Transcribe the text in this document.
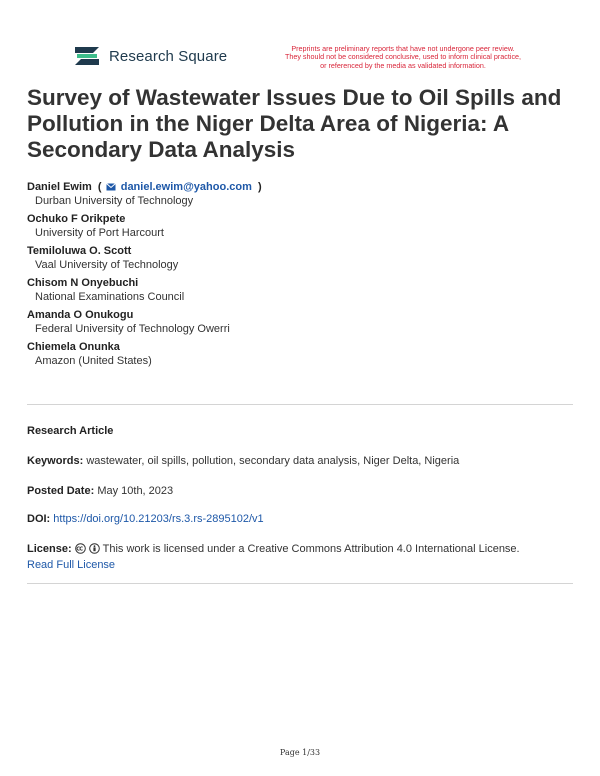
Research Square	Preprints are preliminary reports that have not undergone peer review.
They should not be considered conclusive, used to inform clinical practice,
or referenced by the media as validated information.
Survey of Wastewater Issues Due to Oil Spills and Pollution in the Niger Delta Area of Nigeria: A Secondary Data Analysis
Daniel Ewim  ( daniel.ewim@yahoo.com  )
Durban University of Technology
Ochuko F Orikpete
University of Port Harcourt
Temiloluwa O. Scott
Vaal University of Technology
Chisom N Onyebuchi
National Examinations Council
Amanda O Onukogu
Federal University of Technology Owerri
Chiemela Onunka
Amazon (United States)
Research Article
Keywords: wastewater, oil spills, pollution, secondary data analysis, Niger Delta, Nigeria
Posted Date: May 10th, 2023
DOI: https://doi.org/10.21203/rs.3.rs-2895102/v1
License:	This work is licensed under a Creative Commons Attribution 4.0 International License.
Read Full License
Page 1/33
